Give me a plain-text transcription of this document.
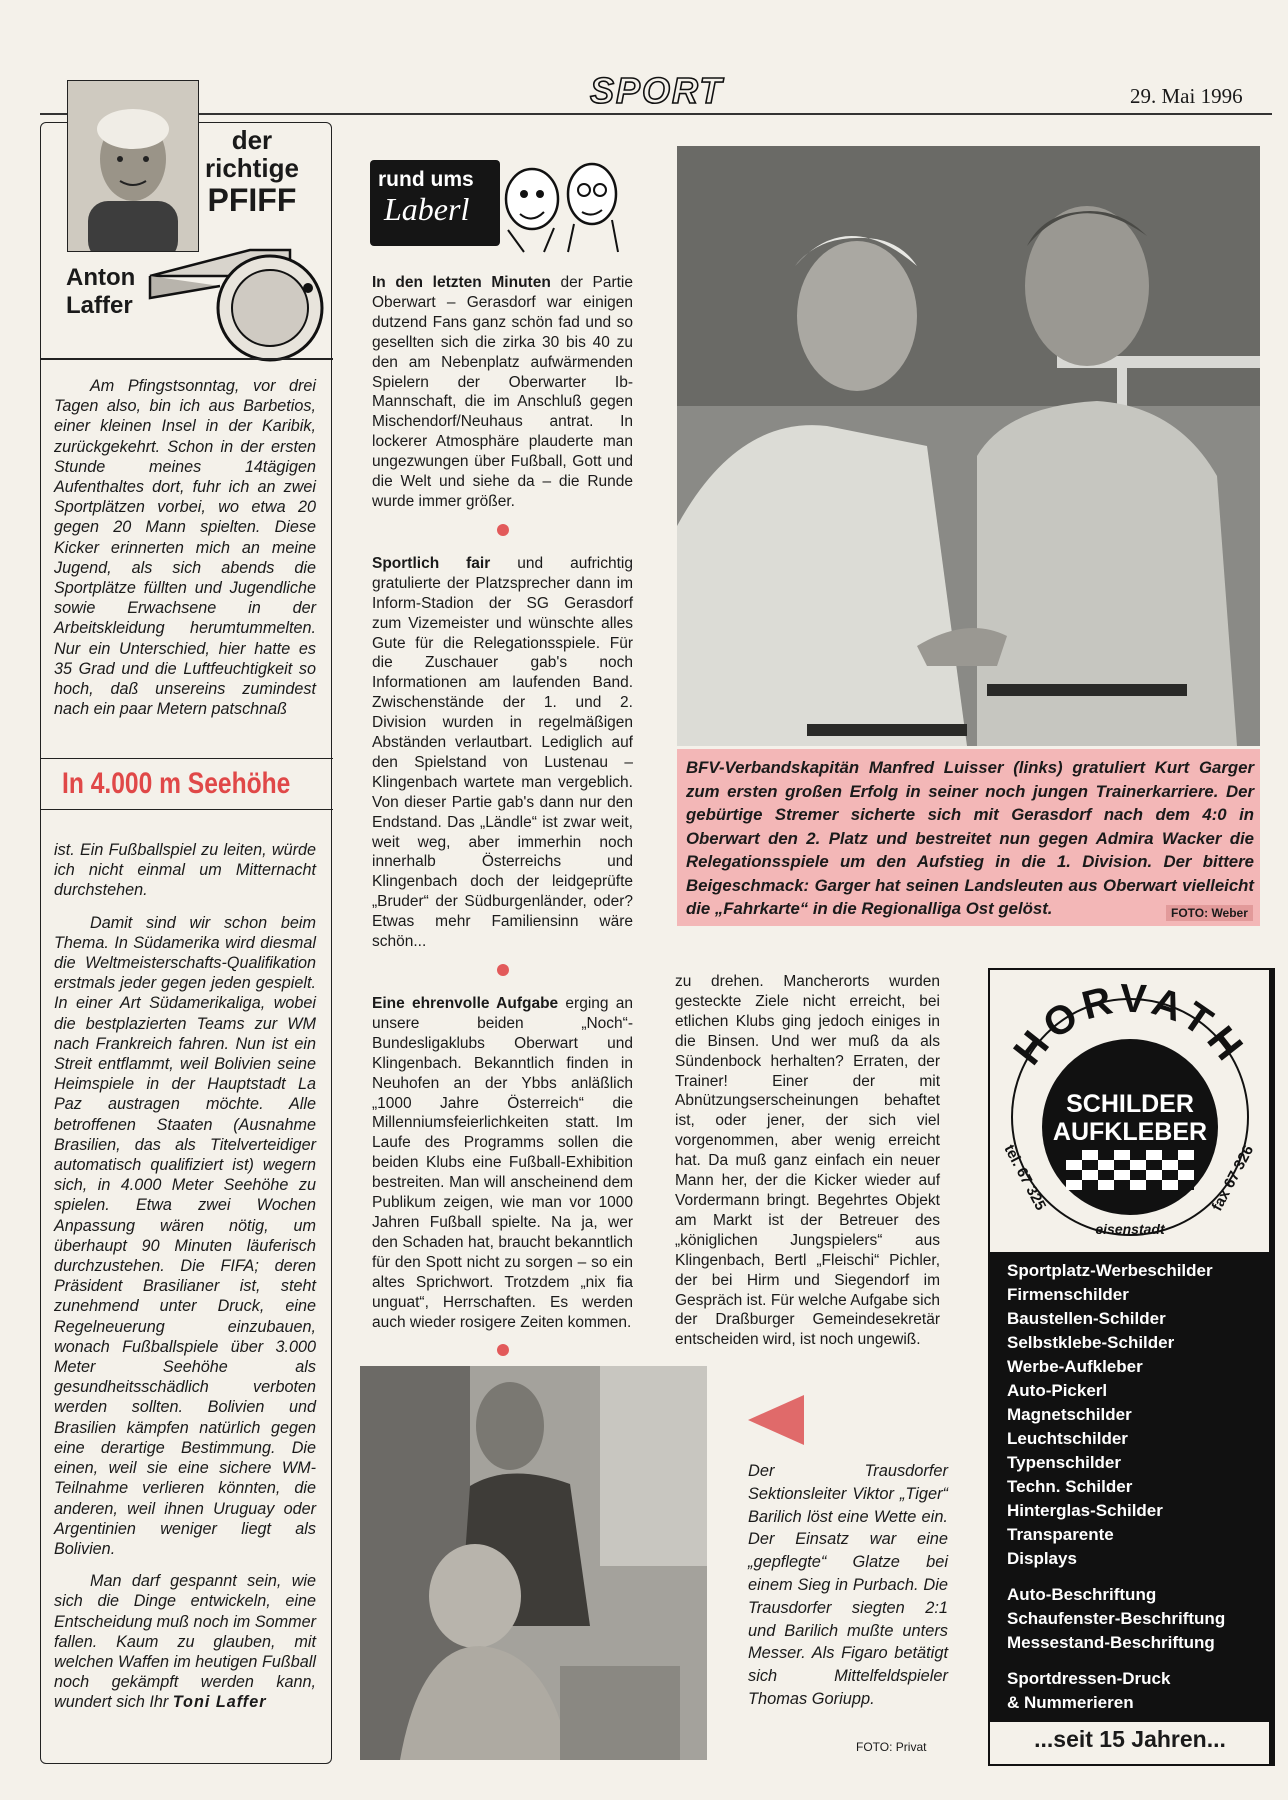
SPORT	29. Mai 1996
der
richtige
PFIFF
Anton
Laffer

Am Pfingstsonntag, vor drei Tagen also, bin ich aus Barbetios, einer kleinen Insel in der Karibik, zurückgekehrt. Schon in der ersten Stunde meines 14tägigen Aufenthaltes dort, fuhr ich an zwei Sportplätzen vorbei, wo etwa 20 gegen 20 Mann spielten. Diese Kicker erinnerten mich an meine Jugend, als sich abends die Sportplätze füllten und Jugendliche sowie Erwachsene in der Arbeitskleidung herumtummelten. Nur ein Unterschied, hier hatte es 35 Grad und die Luftfeuchtigkeit so hoch, daß unsereins zumindest nach ein paar Metern patschnaß

In 4.000 m Seehöhe

ist. Ein Fußballspiel zu leiten, würde ich nicht einmal um Mitternacht durchstehen.

Damit sind wir schon beim Thema. In Südamerika wird diesmal die Weltmeisterschafts-Qualifikation erstmals jeder gegen jeden gespielt. In einer Art Südamerikaliga, wobei die bestplazierten Teams zur WM nach Frankreich fahren. Nun ist ein Streit entflammt, weil Bolivien seine Heimspiele in der Hauptstadt La Paz austragen möchte. Alle betroffenen Staaten (Ausnahme Brasilien, das als Titelverteidiger automatisch qualifiziert ist) wegern sich, in 4.000 Meter Seehöhe zu spielen. Etwa zwei Wochen Anpassung wären nötig, um überhaupt 90 Minuten läuferisch durchzustehen. Die FIFA; deren Präsident Brasilianer ist, steht zunehmend unter Druck, eine Regelneuerung einzubauen, wonach Fußballspiele über 3.000 Meter Seehöhe als gesundheitsschädlich verboten werden sollten. Bolivien und Brasilien kämpfen natürlich gegen eine derartige Bestimmung. Die einen, weil sie eine sichere WM-Teilnahme verlieren könnten, die anderen, weil ihnen Uruguay oder Argentinien weniger liegt als Bolivien.

Man darf gespannt sein, wie sich die Dinge entwickeln, eine Entscheidung muß noch im Sommer fallen. Kaum zu glauben, mit welchen Waffen im heutigen Fußball noch gekämpft werden kann, wundert sich Ihr Toni Laffer

rund ums
Laberl

In den letzten Minuten der Partie Oberwart – Gerasdorf war einigen dutzend Fans ganz schön fad und so gesellten sich die zirka 30 bis 40 zu den am Nebenplatz aufwärmenden Spielern der Oberwarter Ib-Mannschaft, die im Anschluß gegen Mischendorf/Neuhaus antrat. In lockerer Atmosphäre plauderte man ungezwungen über Fußball, Gott und die Welt und siehe da – die Runde wurde immer größer.

Sportlich fair und aufrichtig gratulierte der Platzsprecher dann im Inform-Stadion der SG Gerasdorf zum Vizemeister und wünschte alles Gute für die Relegationsspiele. Für die Zuschauer gab's noch Informationen am laufenden Band. Zwischenstände der 1. und 2. Division wurden in regelmäßigen Abständen verlautbart. Lediglich auf den Spielstand von Lustenau – Klingenbach wartete man vergeblich. Von dieser Partie gab's dann nur den Endstand. Das „Ländle“ ist zwar weit, weit weg, aber immerhin noch innerhalb Österreichs und Klingenbach doch der leidgeprüfte „Bruder“ der Südburgenländer, oder? Etwas mehr Familiensinn wäre schön...

Eine ehrenvolle Aufgabe erging an unsere beiden „Noch“-Bundesligaklubs Oberwart und Klingenbach. Bekanntlich finden in Neuhofen an der Ybbs anläßlich „1000 Jahre Österreich“ die Millenniumsfeierlichkeiten statt. Im Laufe des Programms sollen die beiden Klubs eine Fußball-Exhibition bestreiten. Man will anscheinend dem Publikum zeigen, wie man vor 1000 Jahren Fußball spielte. Na ja, wer den Schaden hat, braucht bekanntlich für den Spott nicht zu sorgen – so ein altes Sprichwort. Trotzdem „nix fia unguat“, Herrschaften. Es werden auch wieder rosigere Zeiten kommen.

BFV-Verbandskapitän Manfred Luisser (links) gratuliert Kurt Garger zum ersten großen Erfolg in seiner noch jungen Trainerkarriere. Der gebürtige Stremer sicherte sich mit Gerasdorf nach dem 4:0 in Oberwart den 2. Platz und bestreitet nun gegen Admira Wacker die Relegationsspiele um den Aufstieg in die 1. Division. Der bittere Beigeschmack: Garger hat seinen Landsleuten aus Oberwart vielleicht die „Fahrkarte“ in die Regionalliga Ost gelöst.	FOTO: Weber

zu drehen. Mancherorts wurden gesteckte Ziele nicht erreicht, bei etlichen Klubs ging jedoch einiges in die Binsen. Und wer muß da als Sündenbock herhalten? Erraten, der Trainer! Einer der mit Abnützungserscheinungen behaftet ist, oder jener, der sich viel vorgenommen, aber wenig erreicht hat. Da muß ganz einfach ein neuer Mann her, der die Kicker wieder auf Vordermann bringt. Begehrtes Objekt am Markt ist der Betreuer des „königlichen Jungspielers“ aus Klingenbach, Bertl „Fleischi“ Pichler, der bei Hirm und Siegendorf im Gespräch ist. Für welche Aufgabe sich der Draßburger Gemeindesekretär entscheiden wird, ist noch ungewiß.

Der Trausdorfer Sektionsleiter Viktor „Tiger“ Barilich löst eine Wette ein. Der Einsatz war eine „gepflegte“ Glatze bei einem Sieg in Purbach. Die Trausdorfer siegten 2:1 und Barilich mußte unters Messer. Als Figaro betätigt sich Mittelfeldspieler Thomas Goriupp.
FOTO: Privat
HORVATH
SCHILDER
AUFKLEBER
tel. 67 325	fax 67 326
eisenstadt
Sportplatz-Werbeschilder
Firmenschilder
Baustellen-Schilder
Selbstklebe-Schilder
Werbe-Aufkleber
Auto-Pickerl
Magnetschilder
Leuchtschilder
Typenschilder
Techn. Schilder
Hinterglas-Schilder
Transparente
Displays
Auto-Beschriftung
Schaufenster-Beschriftung
Messestand-Beschriftung
Sportdressen-Druck
& Nummerieren
...seit 15 Jahren...
